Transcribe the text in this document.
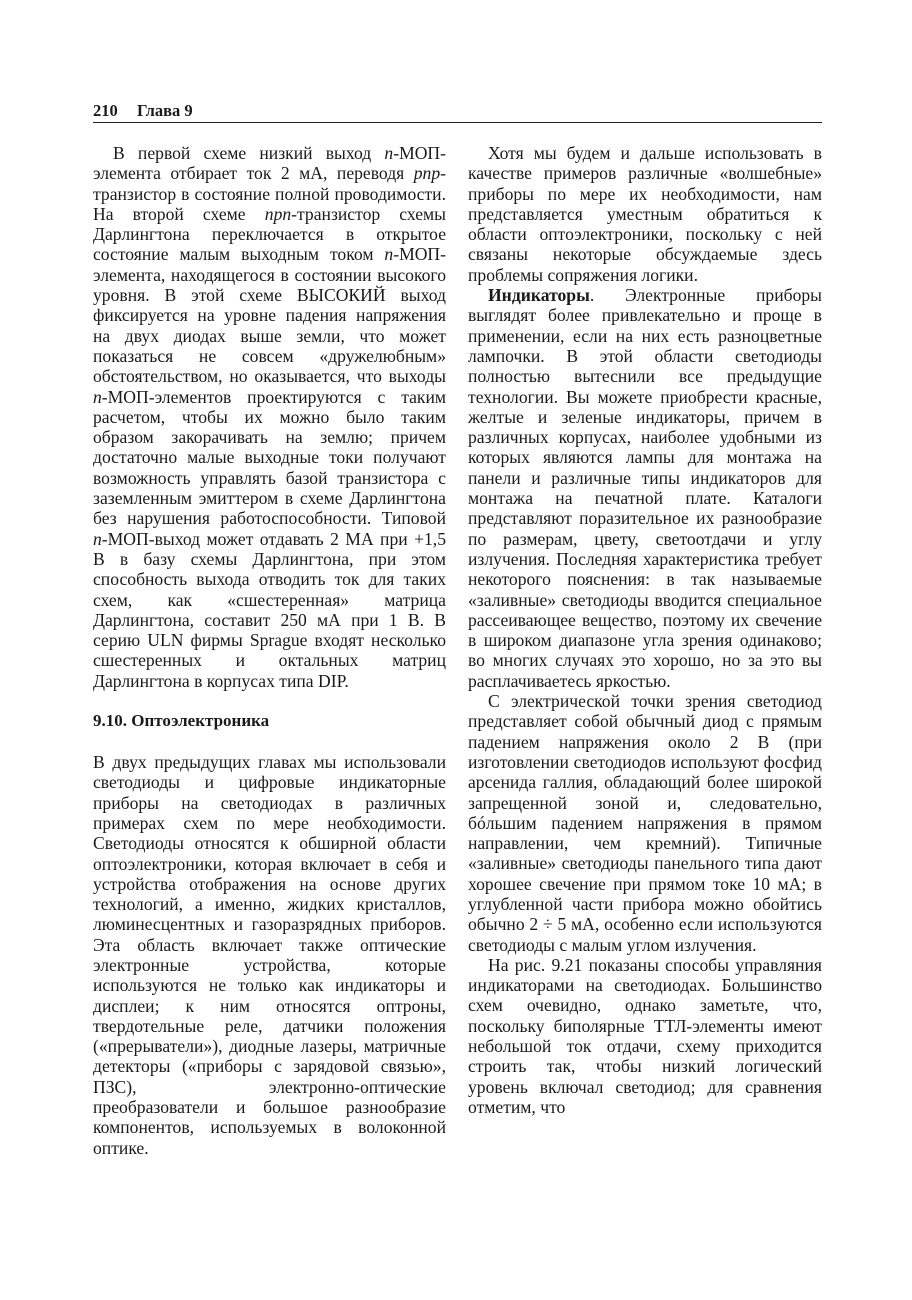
210 Глава 9

В первой схеме низкий выход n-МОП-элемента отбирает ток 2 мА, переводя pnp-транзистор в состояние полной проводимости. На второй схеме npn-транзистор схемы Дарлингтона переключается в открытое состояние малым выходным током n-МОП-элемента, находящегося в состоянии высокого уровня. В этой схеме ВЫСОКИЙ выход фиксируется на уровне падения напряжения на двух диодах выше земли, что может показаться не совсем «дружелюбным» обстоятельством, но оказывается, что выходы n-МОП-элементов проектируются с таким расчетом, чтобы их можно было таким образом закорачивать на землю; причем достаточно малые выходные токи получают возможность управлять базой транзистора с заземленным эмиттером в схеме Дарлингтона без нарушения работоспособности. Типовой n-МОП-выход может отдавать 2 МА при +1,5 В в базу схемы Дарлингтона, при этом способность выхода отводить ток для таких схем, как «сшестеренная» матрица Дарлингтона, составит 250 мА при 1 В. В серию ULN фирмы Sprague входят несколько сшестеренных и октальных матриц Дарлингтона в корпусах типа DIP.

9.10. Оптоэлектроника

В двух предыдущих главах мы использовали светодиоды и цифровые индикаторные приборы на светодиодах в различных примерах схем по мере необходимости. Светодиоды относятся к обширной области оптоэлектроники, которая включает в себя и устройства отображения на основе других технологий, а именно, жидких кристаллов, люминесцентных и газоразрядных приборов. Эта область включает также оптические электронные устройства, которые используются не только как индикаторы и дисплеи; к ним относятся оптроны, твердотельные реле, датчики положения («прерыватели»), диодные лазеры, матричные детекторы («приборы с зарядовой связью», ПЗС), электронно-оптические преобразователи и большое разнообразие компонентов, используемых в волоконной оптике.

Хотя мы будем и дальше использовать в качестве примеров различные «волшебные» приборы по мере их необходимости, нам представляется уместным обратиться к области оптоэлектроники, поскольку с ней связаны некоторые обсуждаемые здесь проблемы сопряжения логики.

Индикаторы. Электронные приборы выглядят более привлекательно и проще в применении, если на них есть разноцветные лампочки. В этой области светодиоды полностью вытеснили все предыдущие технологии. Вы можете приобрести красные, желтые и зеленые индикаторы, причем в различных корпусах, наиболее удобными из которых являются лампы для монтажа на панели и различные типы индикаторов для монтажа на печатной плате. Каталоги представляют поразительное их разнообразие по размерам, цвету, светоотдачи и углу излучения. Последняя характеристика требует некоторого пояснения: в так называемые «заливные» светодиоды вводится специальное рассеивающее вещество, поэтому их свечение в широком диапазоне угла зрения одинаково; во многих случаях это хорошо, но за это вы расплачиваетесь яркостью.

С электрической точки зрения светодиод представляет собой обычный диод с прямым падением напряжения около 2 В (при изготовлении светодиодов используют фосфид арсенида галлия, обладающий более широкой запрещенной зоной и, следовательно, бóльшим падением напряжения в прямом направлении, чем кремний). Типичные «заливные» светодиоды панельного типа дают хорошее свечение при прямом токе 10 мА; в углубленной части прибора можно обойтись обычно 2 ÷ 5 мА, особенно если используются светодиоды с малым углом излучения.

На рис. 9.21 показаны способы управляния индикаторами на светодиодах. Большинство схем очевидно, однако заметьте, что, поскольку биполярные ТТЛ-элементы имеют небольшой ток отдачи, схему приходится строить так, чтобы низкий логический уровень включал светодиод; для сравнения отметим, что
